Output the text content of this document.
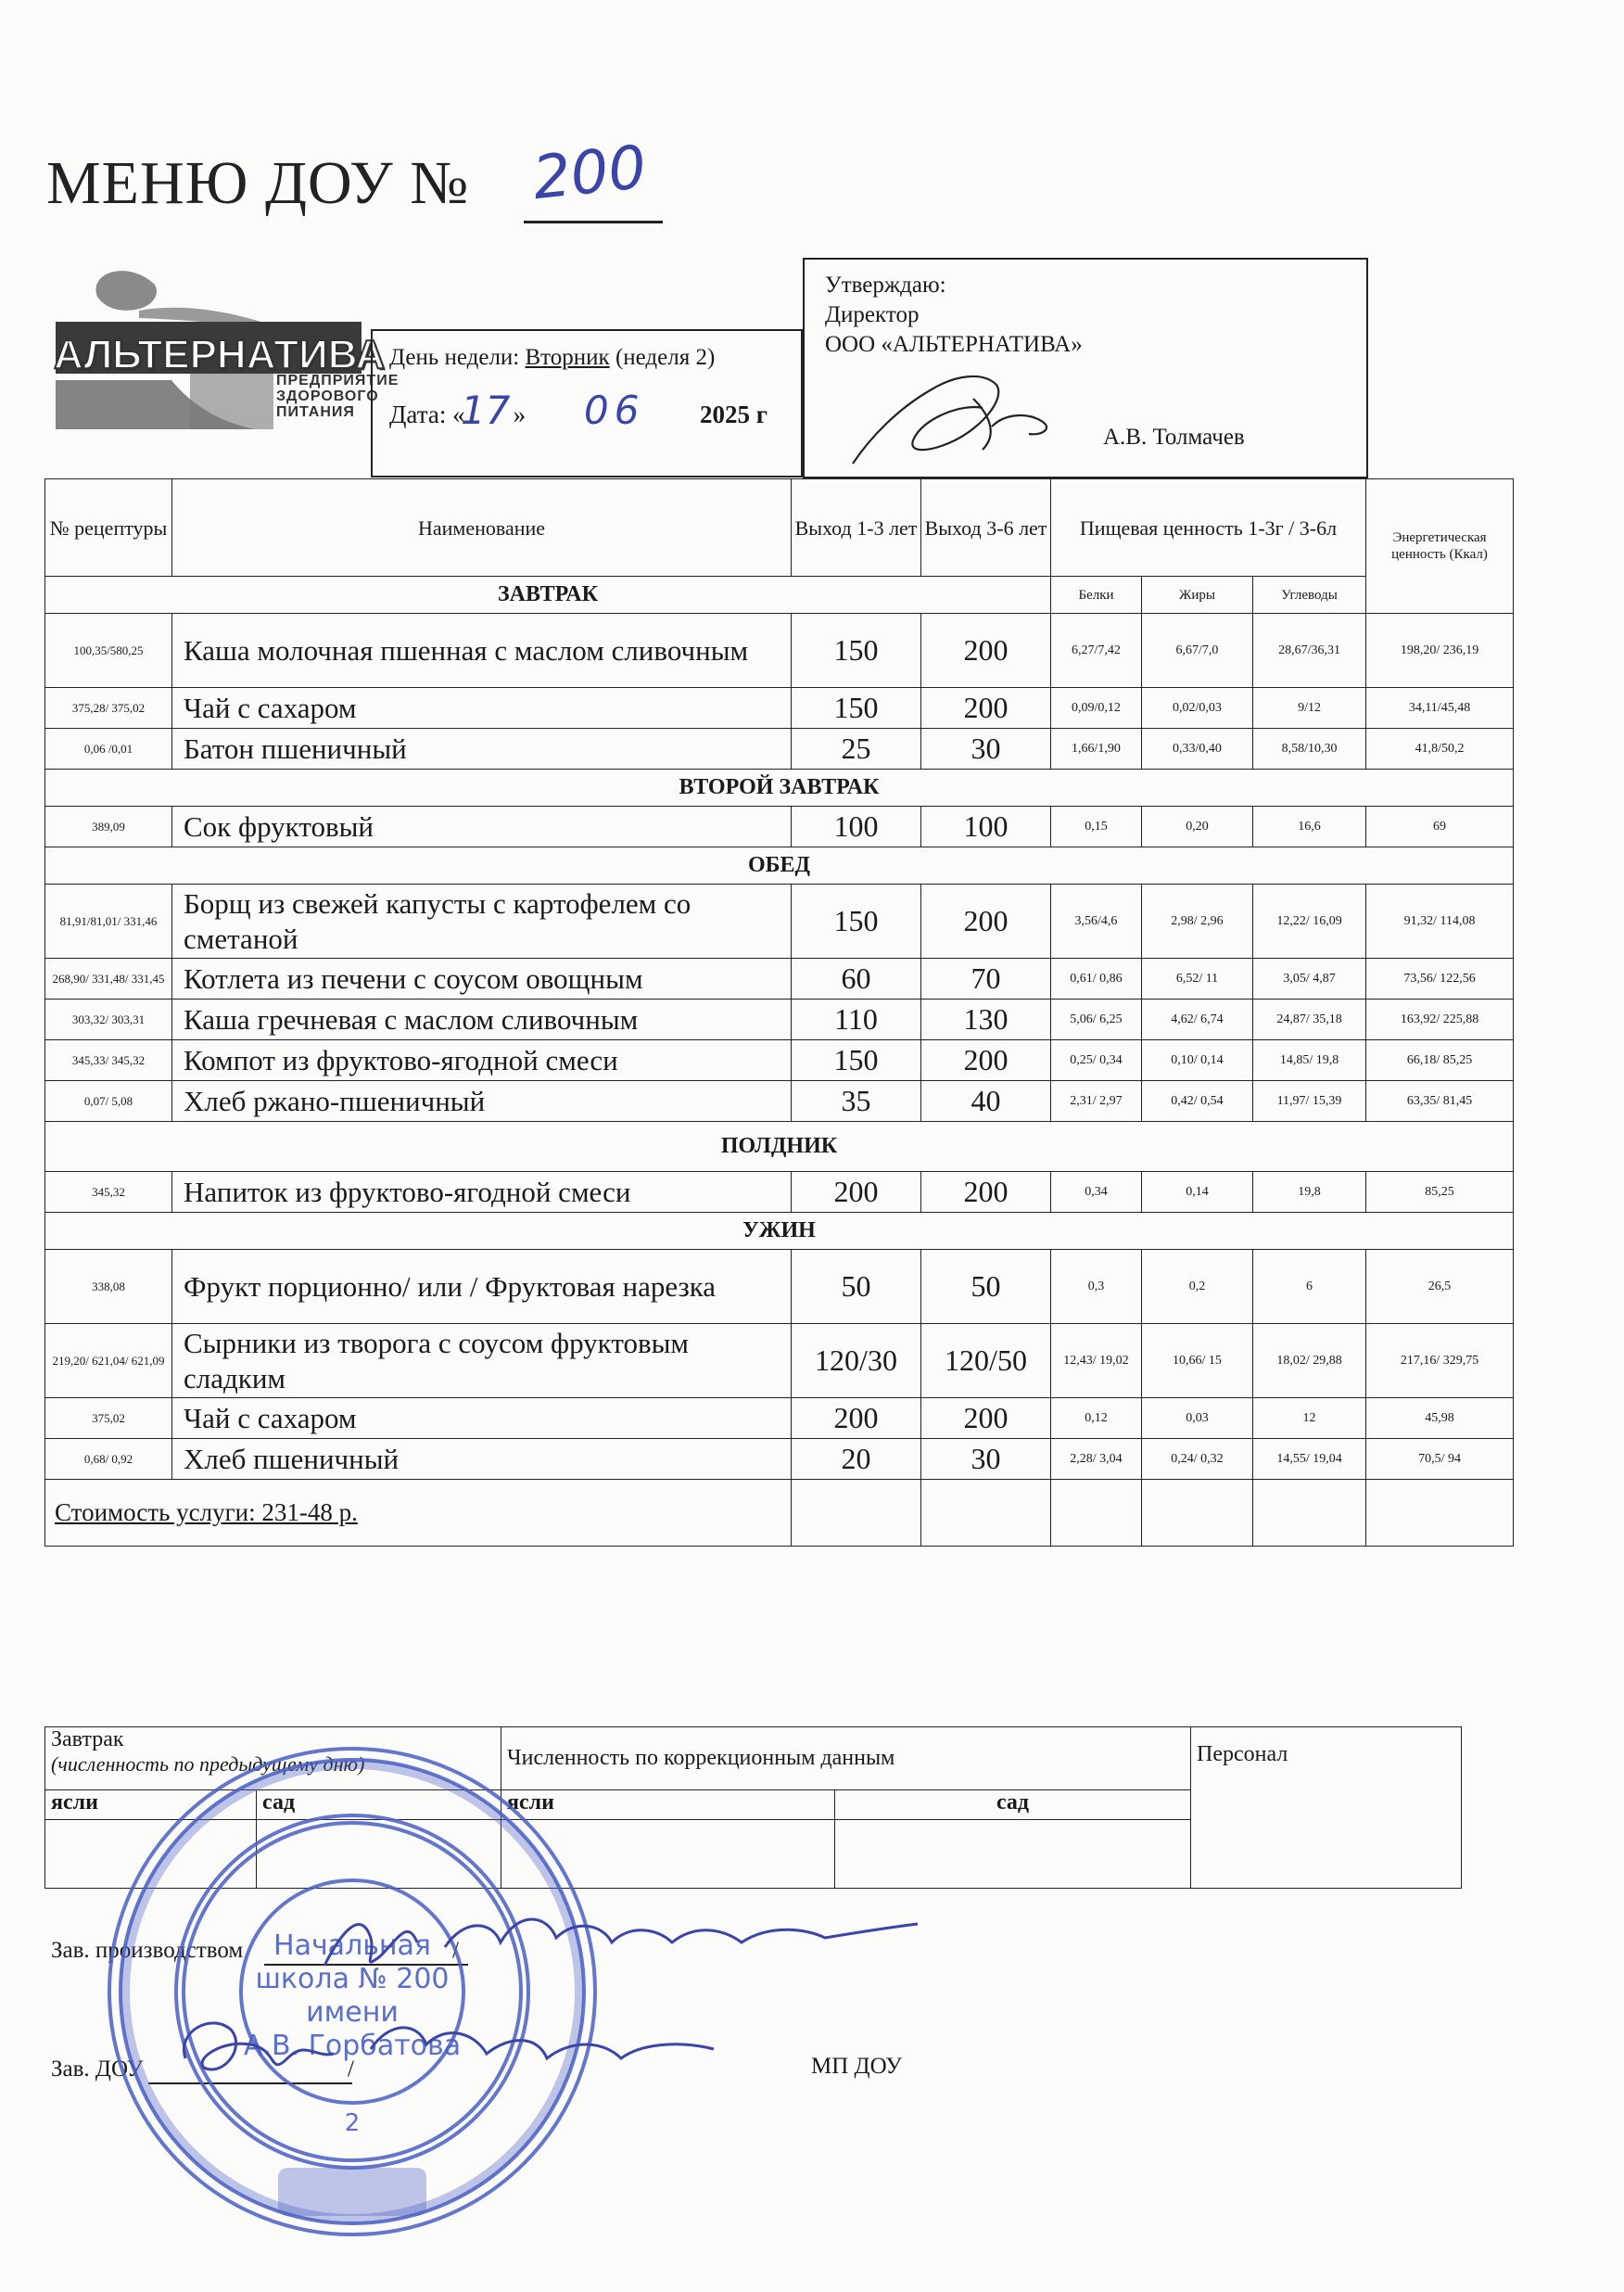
МЕНЮ ДОУ № 200
АЛЬТЕРНАТИВА
ПРЕДПРИЯТИЕ
ЗДОРОВОГО
ПИТАНИЯ
День недели: Вторник (неделя 2)
Дата: « »
17 06 2025 г
Утверждаю:
Директор
ООО «АЛЬТЕРНАТИВА»
А.В. Толмачев
№ рецептуры	Наименование	Выход 1-3 лет	Выход 3-6 лет	Пищевая ценность 1-3г / 3-6л			Энергетическая ценность (Ккал)
ЗАВТРАК				Белки	Жиры	Углеводы	
100,35/580,25	Каша молочная пшенная с маслом сливочным	150	200	6,27/7,42	6,67/7,0	28,67/36,31	198,20/ 236,19
375,28/ 375,02	Чай с сахаром	150	200	0,09/0,12	0,02/0,03	9/12	34,11/45,48
0,06 /0,01	Батон пшеничный	25	30	1,66/1,90	0,33/0,40	8,58/10,30	41,8/50,2
ВТОРОЙ ЗАВТРАК							
389,09	Сок фруктовый	100	100	0,15	0,20	16,6	69
ОБЕД							
81,91/81,01/ 331,46	Борщ из свежей капусты с картофелем со сметаной	150	200	3,56/4,6	2,98/ 2,96	12,22/ 16,09	91,32/ 114,08
268,90/ 331,48/ 331,45	Котлета из печени с соусом овощным	60	70	0,61/ 0,86	6,52/ 11	3,05/ 4,87	73,56/ 122,56
303,32/ 303,31	Каша гречневая с маслом сливочным	110	130	5,06/ 6,25	4,62/ 6,74	24,87/ 35,18	163,92/ 225,88
345,33/ 345,32	Компот из фруктово-ягодной смеси	150	200	0,25/ 0,34	0,10/ 0,14	14,85/ 19,8	66,18/ 85,25
0,07/ 5,08	Хлеб ржано-пшеничный	35	40	2,31/ 2,97	0,42/ 0,54	11,97/ 15,39	63,35/ 81,45
ПОЛДНИК							
345,32	Напиток из фруктово-ягодной смеси	200	200	0,34	0,14	19,8	85,25
УЖИН							
338,08	Фрукт порционно/ или / Фруктовая нарезка	50	50	0,3	0,2	6	26,5
219,20/ 621,04/ 621,09	Сырники из творога с соусом фруктовым сладким	120/30	120/50	12,43/ 19,02	10,66/ 15	18,02/ 29,88	217,16/ 329,75
375,02	Чай с сахаром	200	200	0,12	0,03	12	45,98
0,68/ 0,92	Хлеб пшеничный	20	30	2,28/ 3,04	0,24/ 0,32	14,55/ 19,04	70,5/ 94
Стоимость услуги: 231-48 р.							
Завтрак
(численность по предыдущему дню)		Численность по коррекционным данным		Персонал
ясли	сад	ясли	сад	

Зав. производством	/
Зав. ДОУ	/	МП ДОУ
Начальная
школа № 200
имени
А.В. Горбатова
2
